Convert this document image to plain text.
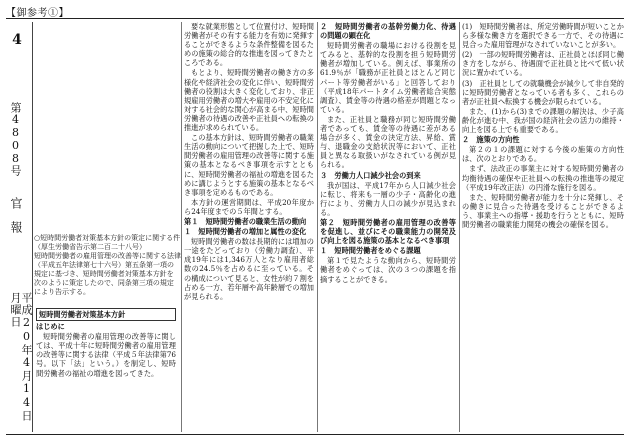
【御参考①】
4
第4808号
官　報
平成20年4月14日　月曜日
○短時間労働者対策基本方針の策定に関する件
（厚生労働省告示第二百二十八号）
短時間労働者の雇用管理の改善等に関する法律
（平成五年法律第七十六号）第五条第一項の
規定に基づき、短時間労働者対策基本方針を
次のように策定したので、同条第三項の規定
により告示する。

短時間労働者対策基本方針

はじめに

短時間労働者の雇用管理の改善等に関しては、平成十年に短時間労働者の雇用管理の改善等に関する法律（平成５年法律第76号。以下「法」という。）を制定し、短時間労働者の福祉の増進を図ってきた。

要な就業形態として位置付け、短時間労働者がその有する能力を有効に発揮することができるような条件整備を図るための施策の総合的な推進を図ってきたところである。

もとより、短時間労働者の働き方の多様化や経済社会の変化に伴い、短時間労働者の役割は大きく変化しており、非正規雇用労働者の増大や雇用の不安定化に対する社会的な関心が高まる中、短時間労働者の待遇の改善や正社員への転換の推進が求められている。

この基本方針は、短時間労働者の職業生活の動向について把握した上で、短時間労働者の雇用管理の改善等に関する施策の基本となるべき事項を示すとともに、短時間労働者の福祉の増進を図るために講じようとする施策の基本となるべき事項を定めるものである。

本方針の運営期間は、平成20年度から24年度までの５年間とする。

第１　短時間労働者の職業生活の動向

１　短時間労働者の増加と属性の変化

短時間労働者の数は長期的には増加の一途をたどっており（労働力調査）、平成19年には1,346万人となり雇用者総数の24.5％を占めるに至っている。その構成について見ると、女性が約７割を占める一方、若年層や高年齢層での増加が見られる。

２　短時間労働者の基幹労働力化、待遇の問題の顕在化

短時間労働者の職場における役割を見てみると、基幹的な役割を担う短時間労働者が増加している。例えば、事業所の61.9％が「職務が正社員とほとんど同じパート等労働者がいる」と回答しており（平成18年パートタイム労働者総合実態調査）、賃金等の待遇の格差が問題となっている。

また、正社員と職務が同じ短時間労働者であっても、賃金等の待遇に差がある場合が多く、賃金の決定方法、昇給、賞与、退職金の支給状況等において、正社員と異なる取扱いがなされている例が見られる。

３　労働力人口減少社会の到来

我が国は、平成17年から人口減少社会に転じ、将来も一層の少子・高齢化の進行により、労働力人口の減少が見込まれる。

第２　短時間労働者の雇用管理の改善等を促進し、並びにその職業能力の開発及び向上を図る施策の基本となるべき事項

１　短時間労働者をめぐる課題

第１で見たような動向から、短時間労働者をめぐっては、次の３つの課題を指摘することができる。

(1)　短時間労働者は、所定労働時間が短いことから多様な働き方を選択できる一方で、その待遇に見合った雇用管理がなされていないことが多い。

(2)　一部の短時間労働者は、正社員とほぼ同じ働き方をしながら、待遇面で正社員と比べて低い状況に置かれている。

(3)　正社員としての就職機会が減少して非自発的に短時間労働者となっている者も多く、これらの者が正社員へ転換する機会が限られている。

また、(1)から(3)までの課題の解決は、少子高齢化が進む中、我が国の経済社会の活力の維持・向上を図る上でも重要である。

２　施策の方向性

第２の１の課題に対する今後の施策の方向性は、次のとおりである。

まず、法改正の事業主に対する短時間労働者の均衡待遇の確保や正社員への転換の推進等の規定（平成19年改正法）の円滑な施行を図る。

また、短時間労働者が能力を十分に発揮し、その働きに見合った待遇を受けることができるよう、事業主への指導・援助を行うとともに、短時間労働者の職業能力開発の機会の確保を図る。
